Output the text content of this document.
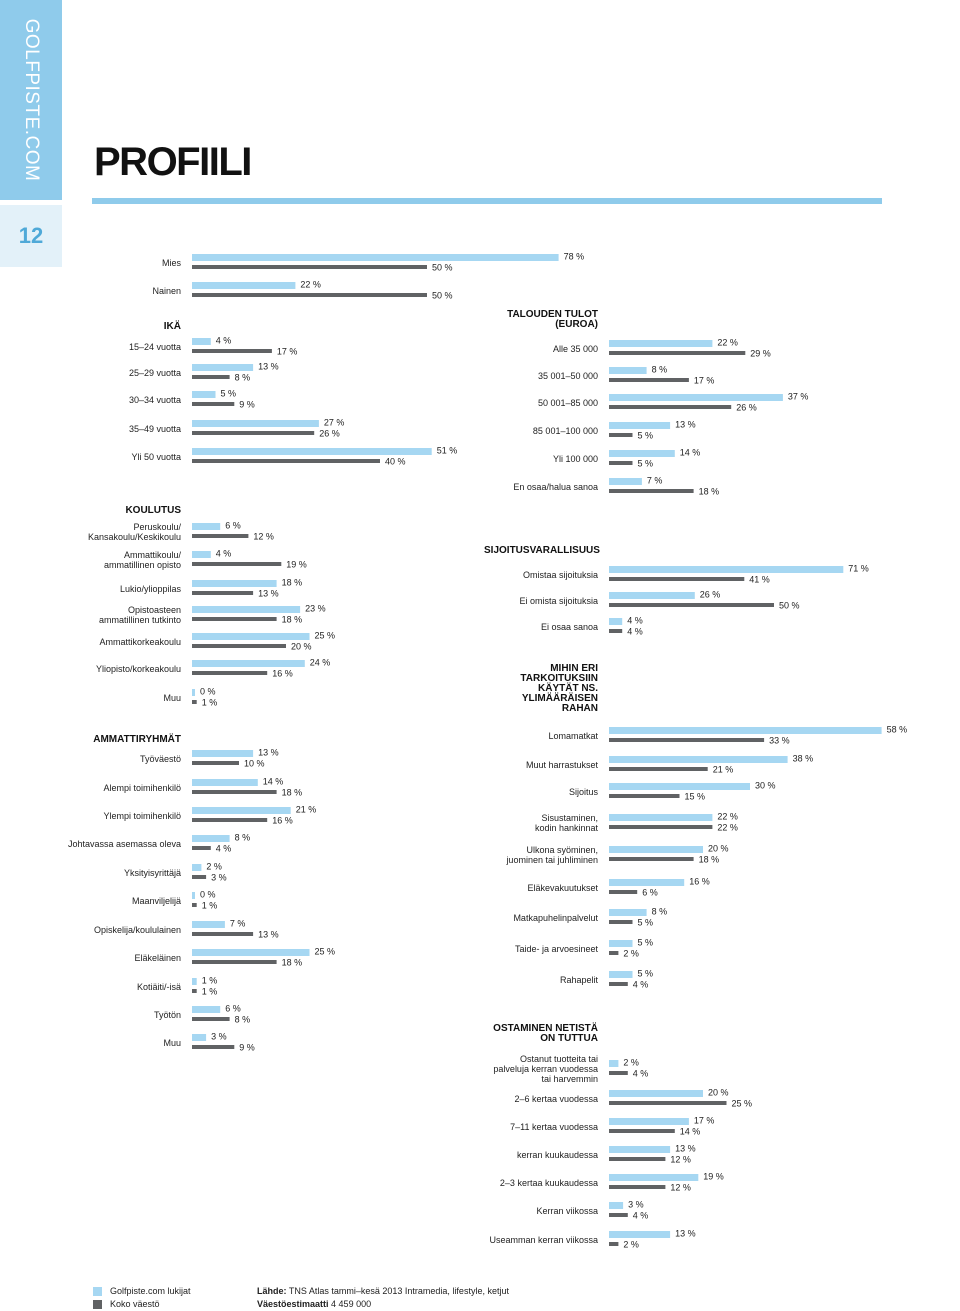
GOLFPISTE.COM
12
PROFIILI
Mies
78 %
50 %
Nainen
22 %
50 %
IKÄ
15–24 vuotta
4 %
17 %
25–29 vuotta
13 %
8 %
30–34 vuotta
5 %
9 %
35–49 vuotta
27 %
26 %
Yli 50 vuotta
51 %
40 %
KOULUTUS
Peruskoulu/ Kansakoulu/Keskikoulu
6 %
12 %
Ammattikoulu/ ammatillinen opisto
4 %
19 %
Lukio/ylioppilas
18 %
13 %
Opistoasteen ammatillinen tutkinto
23 %
18 %
Ammattikorkeakoulu
25 %
20 %
Yliopisto/korkeakoulu
24 %
16 %
Muu
0 %
1 %
AMMATTIRYHMÄT
Työväestö
13 %
10 %
Alempi toimihenkilö
14 %
18 %
Ylempi toimihenkilö
21 %
16 %
Johtavassa asemassa oleva
8 %
4 %
Yksityisyrittäjä
2 %
3 %
Maanviljelijä
0 %
1 %
Opiskelija/koululainen
7 %
13 %
Eläkeläinen
25 %
18 %
Kotiäiti/-isä
1 %
1 %
Työtön
6 %
8 %
Muu
3 %
9 %
TALOUDEN TULOT (EUROA)
Alle 35 000
22 %
29 %
35 001–50 000
8 %
17 %
50 001–85 000
37 %
26 %
85 001–100 000
13 %
5 %
Yli 100 000
14 %
5 %
En osaa/halua sanoa
7 %
18 %
SIJOITUSVARALLISUUS
Omistaa sijoituksia
71 %
41 %
Ei omista sijoituksia
26 %
50 %
Ei osaa sanoa
4 %
4 %
MIHIN ERI TARKOITUKSIIN KÄYTÄT NS. YLIMÄÄRÄISEN RAHAN
Lomamatkat
58 %
33 %
Muut harrastukset
38 %
21 %
Sijoitus
30 %
15 %
Sisustaminen, kodin hankinnat
22 %
22 %
Ulkona syöminen, juominen tai juhliminen
20 %
18 %
Eläkevakuutukset
16 %
6 %
Matkapuhelinpalvelut
8 %
5 %
Taide- ja arvoesineet
5 %
2 %
Rahapelit
5 %
4 %
OSTAMINEN NETISTÄ ON TUTTUA
Ostanut tuotteita tai palveluja kerran vuodessa tai harvemmin
2 %
4 %
2–6 kertaa vuodessa
20 %
25 %
7–11 kertaa vuodessa
17 %
14 %
kerran kuukaudessa
13 %
12 %
2–3 kertaa kuukaudessa
19 %
12 %
Kerran viikossa
3 %
4 %
Useamman kerran viikossa
13 %
2 %
Golfpiste.com lukijat
Koko väestö
Lähde: TNS Atlas tammi–kesä 2013 Intramedia, lifestyle, ketjut
Väestöestimaatti 4 459 000
